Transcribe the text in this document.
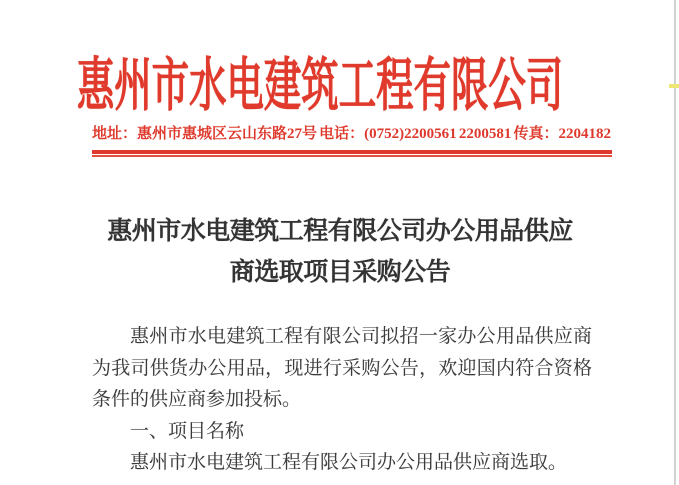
惠州市水电建筑工程有限公司
地址：惠州市惠城区云山东路27号 电话：(0752)2200561 2200581 传真：2204182
惠州市水电建筑工程有限公司办公用品供应
商选取项目采购公告

惠州市水电建筑工程有限公司拟招一家办公用品供应商为我司供货办公用品，现进行采购公告，欢迎国内符合资格条件的供应商参加投标。

一、项目名称

惠州市水电建筑工程有限公司办公用品供应商选取。
